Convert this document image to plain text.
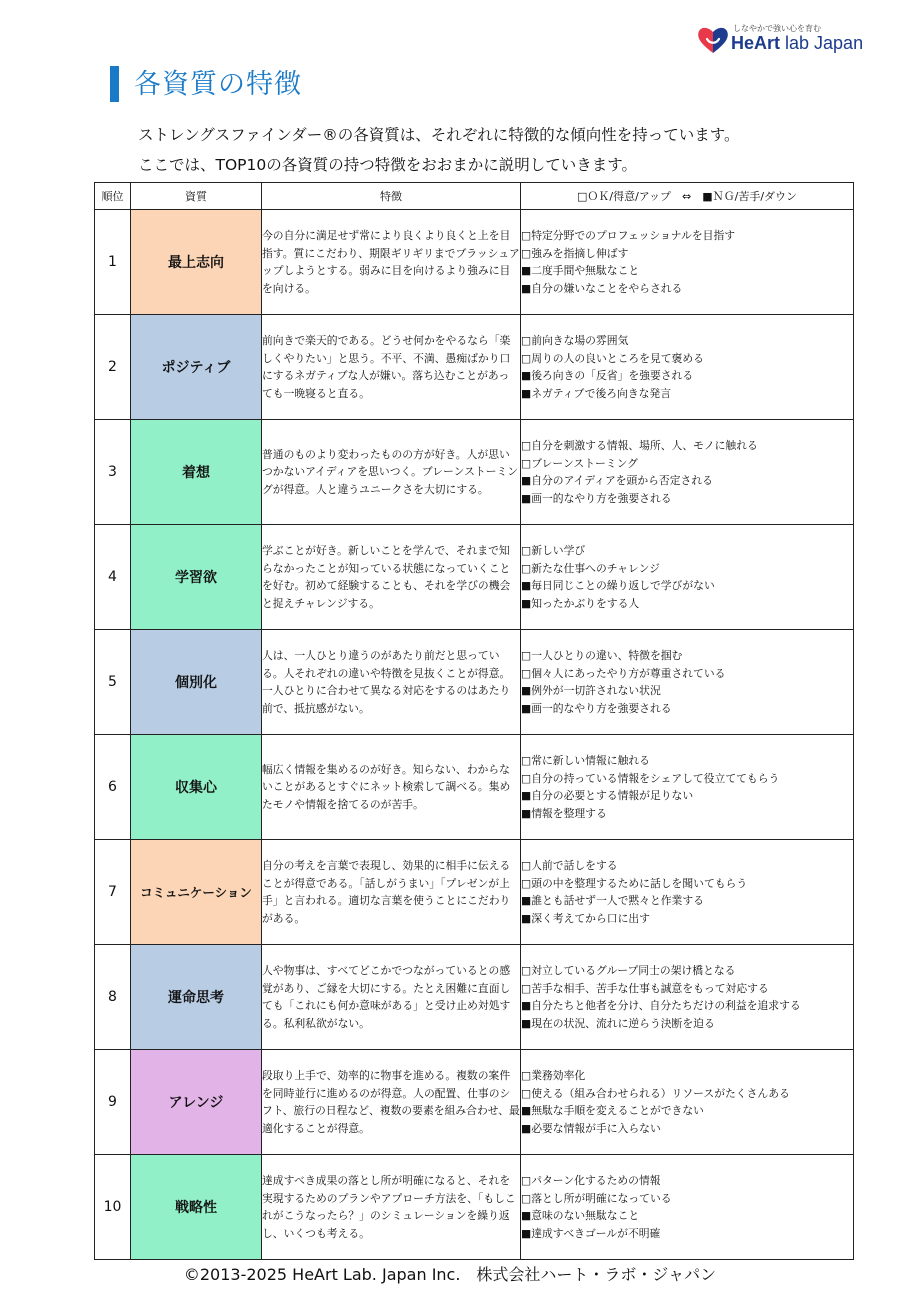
しなやかで強い心を育む
HeArt lab Japan
各資質の特徴
ストレングスファインダー®の各資質は、それぞれに特徴的な傾向性を持っています。
ここでは、TOP10の各資質の持つ特徴をおおまかに説明していきます。
順位	資質	特徴	□ＯＫ/得意/アップ　⇔　■ＮＧ/苦手/ダウン
1	最上志向	今の自分に満足せず常により良くより良くと上を目指す。質にこだわり、期限ギリギリまでブラッシュアップしようとする。弱みに目を向けるより強みに目を向ける。	□特定分野でのプロフェッショナルを目指す
□強みを指摘し伸ばす
■二度手間や無駄なこと
■自分の嫌いなことをやらされる

2	ポジティブ	前向きで楽天的である。どうせ何かをやるなら「楽しくやりたい」と思う。不平、不満、愚痴ばかり口にするネガティブな人が嫌い。落ち込むことがあっても一晩寝ると直る。	□前向きな場の雰囲気
□周りの人の良いところを見て褒める
■後ろ向きの「反省」を強要される
■ネガティブで後ろ向きな発言

3	着想	普通のものより変わったものの方が好き。人が思いつかないアイディアを思いつく。ブレーンストーミングが得意。人と違うユニークさを大切にする。	□自分を刺激する情報、場所、人、モノに触れる
□ブレーンストーミング
■自分のアイディアを頭から否定される
■画一的なやり方を強要される

4	学習欲	学ぶことが好き。新しいことを学んで、それまで知らなかったことが知っている状態になっていくことを好む。初めて経験することも、それを学びの機会と捉えチャレンジする。	□新しい学び
□新たな仕事へのチャレンジ
■毎日同じことの繰り返しで学びがない
■知ったかぶりをする人

5	個別化	人は、一人ひとり違うのがあたり前だと思っている。人それぞれの違いや特徴を見抜くことが得意。一人ひとりに合わせて異なる対応をするのはあたり前で、抵抗感がない。	□一人ひとりの違い、特徴を掴む
□個々人にあったやり方が尊重されている
■例外が一切許されない状況
■画一的なやり方を強要される

6	収集心	幅広く情報を集めるのが好き。知らない、わからないことがあるとすぐにネット検索して調べる。集めたモノや情報を捨てるのが苦手。	□常に新しい情報に触れる
□自分の持っている情報をシェアして役立ててもらう
■自分の必要とする情報が足りない
■情報を整理する

7	コミュニケーション	自分の考えを言葉で表現し、効果的に相手に伝えることが得意である。「話しがうまい」「プレゼンが上手」と言われる。適切な言葉を使うことにこだわりがある。	□人前で話しをする
□頭の中を整理するために話しを聞いてもらう
■誰とも話せず一人で黙々と作業する
■深く考えてから口に出す

8	運命思考	人や物事は、すべてどこかでつながっているとの感覚があり、ご縁を大切にする。たとえ困難に直面しても「これにも何か意味がある」と受け止め対処する。私利私欲がない。	□対立しているグループ同士の架け橋となる
□苦手な相手、苦手な仕事も誠意をもって対応する
■自分たちと他者を分け、自分たちだけの利益を追求する
■現在の状況、流れに逆らう決断を迫る

9	アレンジ	段取り上手で、効率的に物事を進める。複数の案件を同時並行に進めるのが得意。人の配置、仕事のシフト、旅行の日程など、複数の要素を組み合わせ、最適化することが得意。	□業務効率化
□使える（組み合わせられる）リソースがたくさんある
■無駄な手順を変えることができない
■必要な情報が手に入らない

10	戦略性	達成すべき成果の落とし所が明確になると、それを実現するためのプランやアプローチ方法を、「もしこれがこうなったら？」のシミュレーションを繰り返し、いくつも考える。	□パターン化するための情報
□落とし所が明確になっている
■意味のない無駄なこと
■達成すべきゴールが不明確
©2013-2025 HeArt Lab. Japan Inc.　株式会社ハート・ラボ・ジャパン
